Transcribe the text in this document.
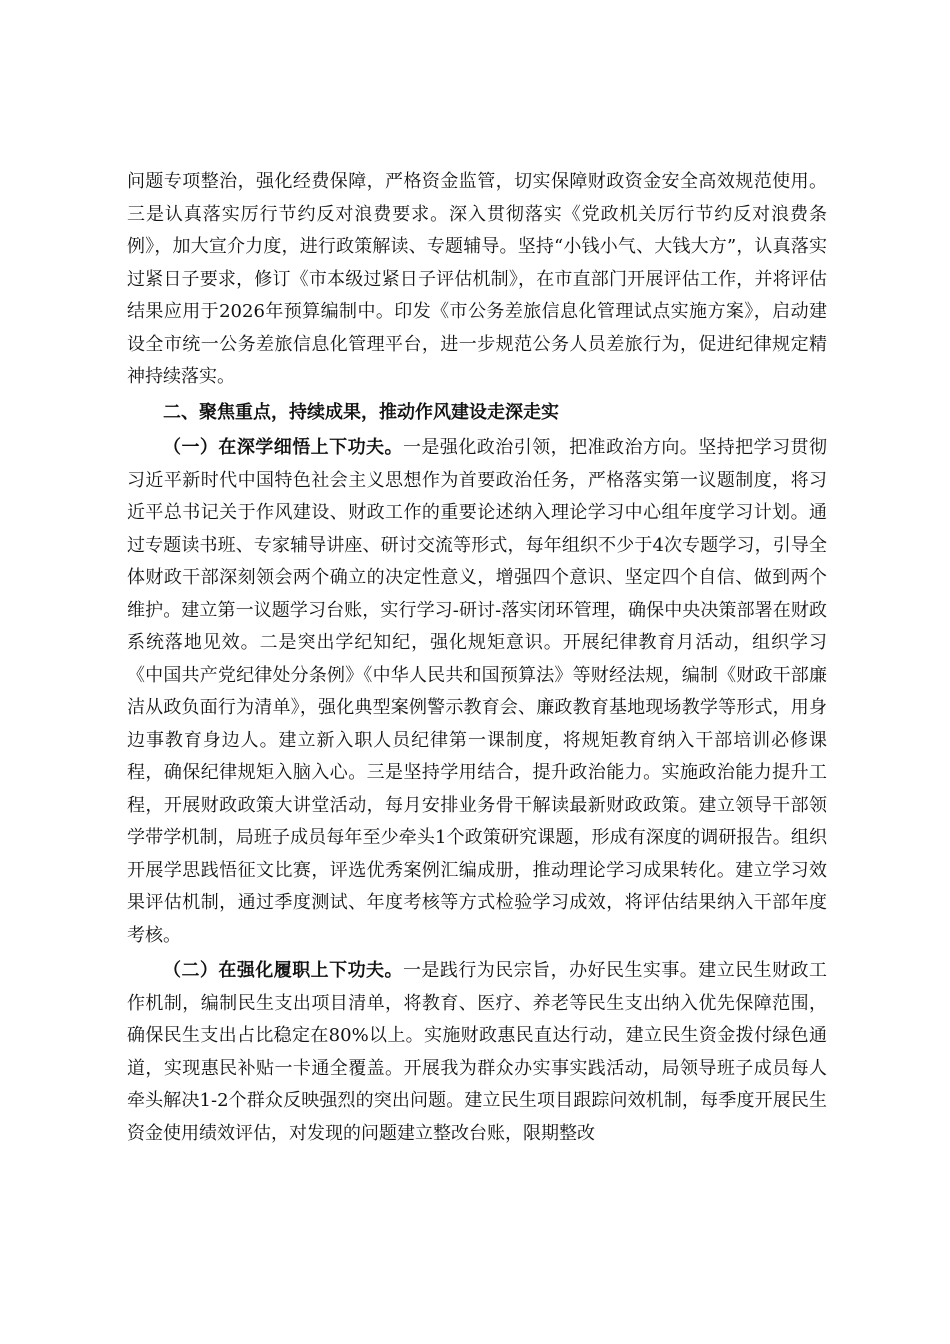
问题专项整治，强化经费保障，严格资金监管，切实保障财政资金安全高效规范使用。三是认真落实厉行节约反对浪费要求。深入贯彻落实《党政机关厉行节约反对浪费条例》，加大宣介力度，进行政策解读、专题辅导。坚持“小钱小气、大钱大方”，认真落实过紧日子要求，修订《市本级过紧日子评估机制》，在市直部门开展评估工作，并将评估结果应用于2026年预算编制中。印发《市公务差旅信息化管理试点实施方案》，启动建设全市统一公务差旅信息化管理平台，进一步规范公务人员差旅行为，促进纪律规定精神持续落实。

二、聚焦重点，持续成果，推动作风建设走深走实

（一）在深学细悟上下功夫。一是强化政治引领，把准政治方向。坚持把学习贯彻习近平新时代中国特色社会主义思想作为首要政治任务，严格落实第一议题制度，将习近平总书记关于作风建设、财政工作的重要论述纳入理论学习中心组年度学习计划。通过专题读书班、专家辅导讲座、研讨交流等形式，每年组织不少于4次专题学习，引导全体财政干部深刻领会两个确立的决定性意义，增强四个意识、坚定四个自信、做到两个维护。建立第一议题学习台账，实行学习-研讨-落实闭环管理，确保中央决策部署在财政系统落地见效。二是突出学纪知纪，强化规矩意识。开展纪律教育月活动，组织学习《中国共产党纪律处分条例》《中华人民共和国预算法》等财经法规，编制《财政干部廉洁从政负面行为清单》，强化典型案例警示教育会、廉政教育基地现场教学等形式，用身边事教育身边人。建立新入职人员纪律第一课制度，将规矩教育纳入干部培训必修课程，确保纪律规矩入脑入心。三是坚持学用结合，提升政治能力。实施政治能力提升工程，开展财政政策大讲堂活动，每月安排业务骨干解读最新财政政策。建立领导干部领学带学机制，局班子成员每年至少牵头1个政策研究课题，形成有深度的调研报告。组织开展学思践悟征文比赛，评选优秀案例汇编成册，推动理论学习成果转化。建立学习效果评估机制，通过季度测试、年度考核等方式检验学习成效，将评估结果纳入干部年度考核。

（二）在强化履职上下功夫。一是践行为民宗旨，办好民生实事。建立民生财政工作机制，编制民生支出项目清单，将教育、医疗、养老等民生支出纳入优先保障范围，确保民生支出占比稳定在80%以上。实施财政惠民直达行动，建立民生资金拨付绿色通道，实现惠民补贴一卡通全覆盖。开展我为群众办实事实践活动，局领导班子成员每人牵头解决1-2个群众反映强烈的突出问题。建立民生项目跟踪问效机制，每季度开展民生资金使用绩效评估，对发现的问题建立整改台账，限期整改
